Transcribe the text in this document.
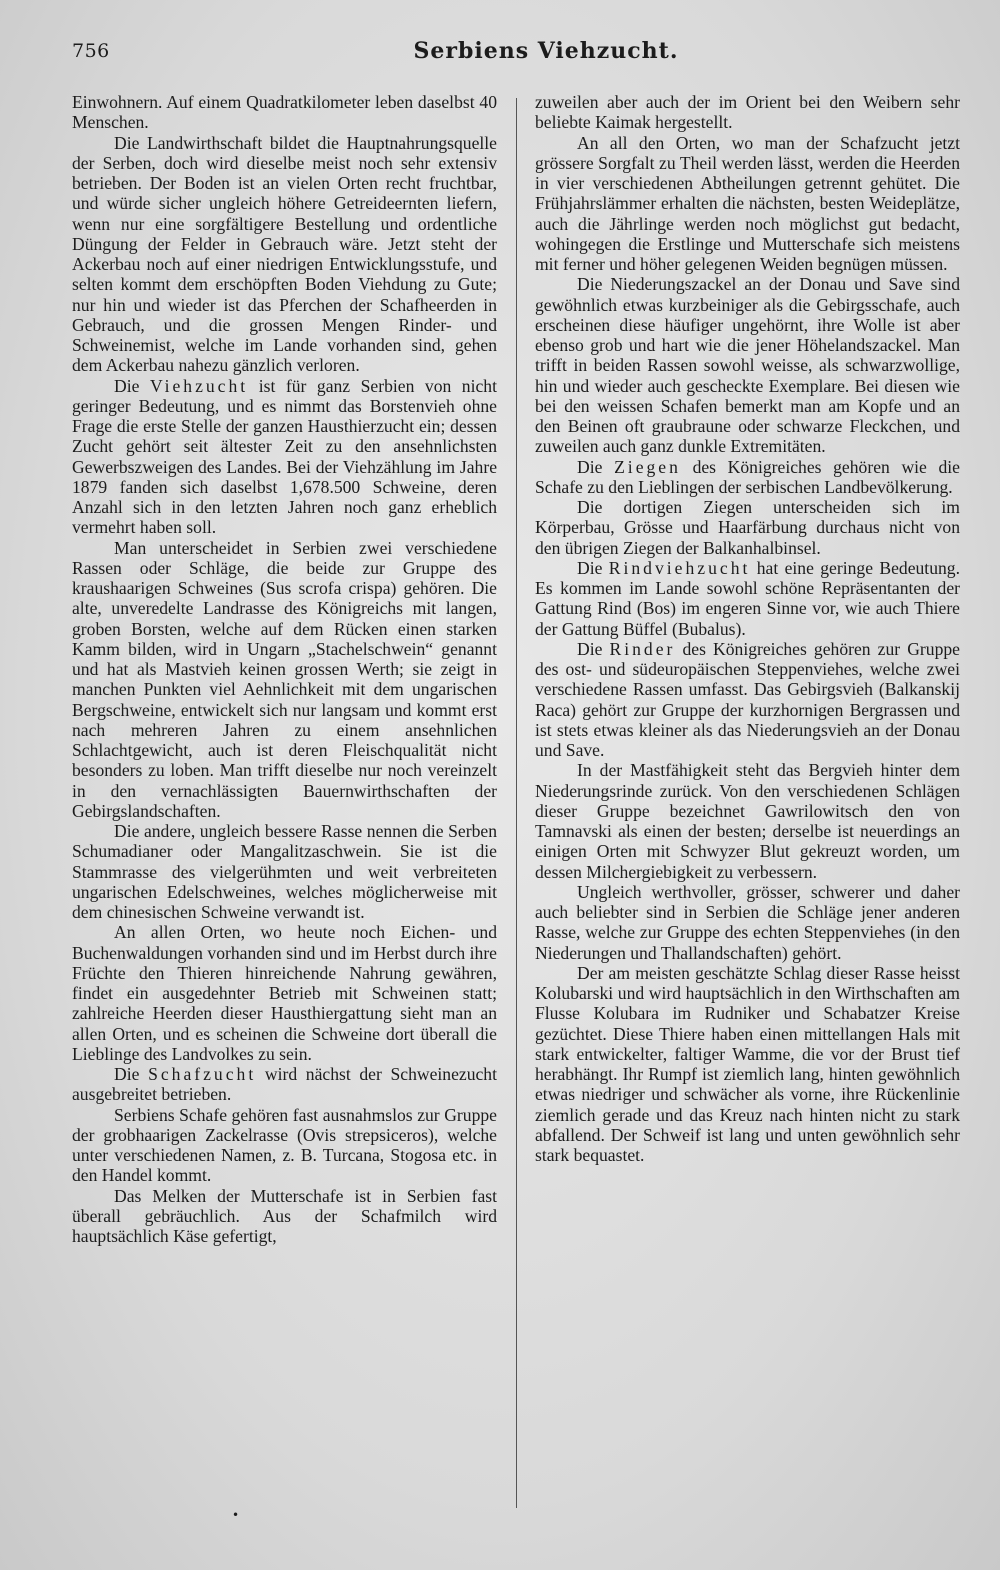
756	Serbiens Viehzucht.

Einwohnern. Auf einem Quadratkilometer leben daselbst 40 Menschen.

Die Landwirthschaft bildet die Hauptnahrungsquelle der Serben, doch wird dieselbe meist noch sehr extensiv betrieben. Der Boden ist an vielen Orten recht fruchtbar, und würde sicher ungleich höhere Getreideernten liefern, wenn nur eine sorgfältigere Bestellung und ordentliche Düngung der Felder in Gebrauch wäre. Jetzt steht der Ackerbau noch auf einer niedrigen Entwicklungsstufe, und selten kommt dem erschöpften Boden Viehdung zu Gute; nur hin und wieder ist das Pferchen der Schafheerden in Gebrauch, und die grossen Mengen Rinder- und Schweinemist, welche im Lande vorhanden sind, gehen dem Ackerbau nahezu gänzlich verloren.

Die Viehzucht ist für ganz Serbien von nicht geringer Bedeutung, und es nimmt das Borstenvieh ohne Frage die erste Stelle der ganzen Hausthierzucht ein; dessen Zucht gehört seit ältester Zeit zu den ansehnlichsten Gewerbszweigen des Landes. Bei der Viehzählung im Jahre 1879 fanden sich daselbst 1,678.500 Schweine, deren Anzahl sich in den letzten Jahren noch ganz erheblich vermehrt haben soll.

Man unterscheidet in Serbien zwei verschiedene Rassen oder Schläge, die beide zur Gruppe des kraushaarigen Schweines (Sus scrofa crispa) gehören. Die alte, unveredelte Landrasse des Königreichs mit langen, groben Borsten, welche auf dem Rücken einen starken Kamm bilden, wird in Ungarn „Stachelschwein“ genannt und hat als Mastvieh keinen grossen Werth; sie zeigt in manchen Punkten viel Aehnlichkeit mit dem ungarischen Bergschweine, entwickelt sich nur langsam und kommt erst nach mehreren Jahren zu einem ansehnlichen Schlachtgewicht, auch ist deren Fleischqualität nicht besonders zu loben. Man trifft dieselbe nur noch vereinzelt in den vernachlässigten Bauernwirthschaften der Gebirgslandschaften.

Die andere, ungleich bessere Rasse nennen die Serben Schumadianer oder Mangalitzaschwein. Sie ist die Stammrasse des vielgerühmten und weit verbreiteten ungarischen Edelschweines, welches möglicherweise mit dem chinesischen Schweine verwandt ist.

An allen Orten, wo heute noch Eichen- und Buchenwaldungen vorhanden sind und im Herbst durch ihre Früchte den Thieren hinreichende Nahrung gewähren, findet ein ausgedehnter Betrieb mit Schweinen statt; zahlreiche Heerden dieser Hausthiergattung sieht man an allen Orten, und es scheinen die Schweine dort überall die Lieblinge des Landvolkes zu sein.

Die Schafzucht wird nächst der Schweinezucht ausgebreitet betrieben.

Serbiens Schafe gehören fast ausnahmslos zur Gruppe der grobhaarigen Zackelrasse (Ovis strepsiceros), welche unter verschiedenen Namen, z. B. Turcana, Stogosa etc. in den Handel kommt.

Das Melken der Mutterschafe ist in Serbien fast überall gebräuchlich. Aus der Schafmilch wird hauptsächlich Käse gefertigt,

zuweilen aber auch der im Orient bei den Weibern sehr beliebte Kaimak hergestellt.

An all den Orten, wo man der Schafzucht jetzt grössere Sorgfalt zu Theil werden lässt, werden die Heerden in vier verschiedenen Abtheilungen getrennt gehütet. Die Frühjahrslämmer erhalten die nächsten, besten Weideplätze, auch die Jährlinge werden noch möglichst gut bedacht, wohingegen die Erstlinge und Mutterschafe sich meistens mit ferner und höher gelegenen Weiden begnügen müssen.

Die Niederungszackel an der Donau und Save sind gewöhnlich etwas kurzbeiniger als die Gebirgsschafe, auch erscheinen diese häufiger ungehörnt, ihre Wolle ist aber ebenso grob und hart wie die jener Höhelandszackel. Man trifft in beiden Rassen sowohl weisse, als schwarzwollige, hin und wieder auch gescheckte Exemplare. Bei diesen wie bei den weissen Schafen bemerkt man am Kopfe und an den Beinen oft graubraune oder schwarze Fleckchen, und zuweilen auch ganz dunkle Extremitäten.

Die Ziegen des Königreiches gehören wie die Schafe zu den Lieblingen der serbischen Landbevölkerung.

Die dortigen Ziegen unterscheiden sich im Körperbau, Grösse und Haarfärbung durchaus nicht von den übrigen Ziegen der Balkanhalbinsel.

Die Rindviehzucht hat eine geringe Bedeutung. Es kommen im Lande sowohl schöne Repräsentanten der Gattung Rind (Bos) im engeren Sinne vor, wie auch Thiere der Gattung Büffel (Bubalus).

Die Rinder des Königreiches gehören zur Gruppe des ost- und südeuropäischen Steppenviehes, welche zwei verschiedene Rassen umfasst. Das Gebirgsvieh (Balkanskij Raca) gehört zur Gruppe der kurzhornigen Bergrassen und ist stets etwas kleiner als das Niederungsvieh an der Donau und Save.

In der Mastfähigkeit steht das Bergvieh hinter dem Niederungsrinde zurück. Von den verschiedenen Schlägen dieser Gruppe bezeichnet Gawrilowitsch den von Tamnavski als einen der besten; derselbe ist neuerdings an einigen Orten mit Schwyzer Blut gekreuzt worden, um dessen Milchergiebigkeit zu verbessern.

Ungleich werthvoller, grösser, schwerer und daher auch beliebter sind in Serbien die Schläge jener anderen Rasse, welche zur Gruppe des echten Steppenviehes (in den Niederungen und Thallandschaften) gehört.

Der am meisten geschätzte Schlag dieser Rasse heisst Kolubarski und wird hauptsächlich in den Wirthschaften am Flusse Kolubara im Rudniker und Schabatzer Kreise gezüchtet. Diese Thiere haben einen mittellangen Hals mit stark entwickelter, faltiger Wamme, die vor der Brust tief herabhängt. Ihr Rumpf ist ziemlich lang, hinten gewöhnlich etwas niedriger und schwächer als vorne, ihre Rückenlinie ziemlich gerade und das Kreuz nach hinten nicht zu stark abfallend. Der Schweif ist lang und unten gewöhnlich sehr stark bequastet.

•
